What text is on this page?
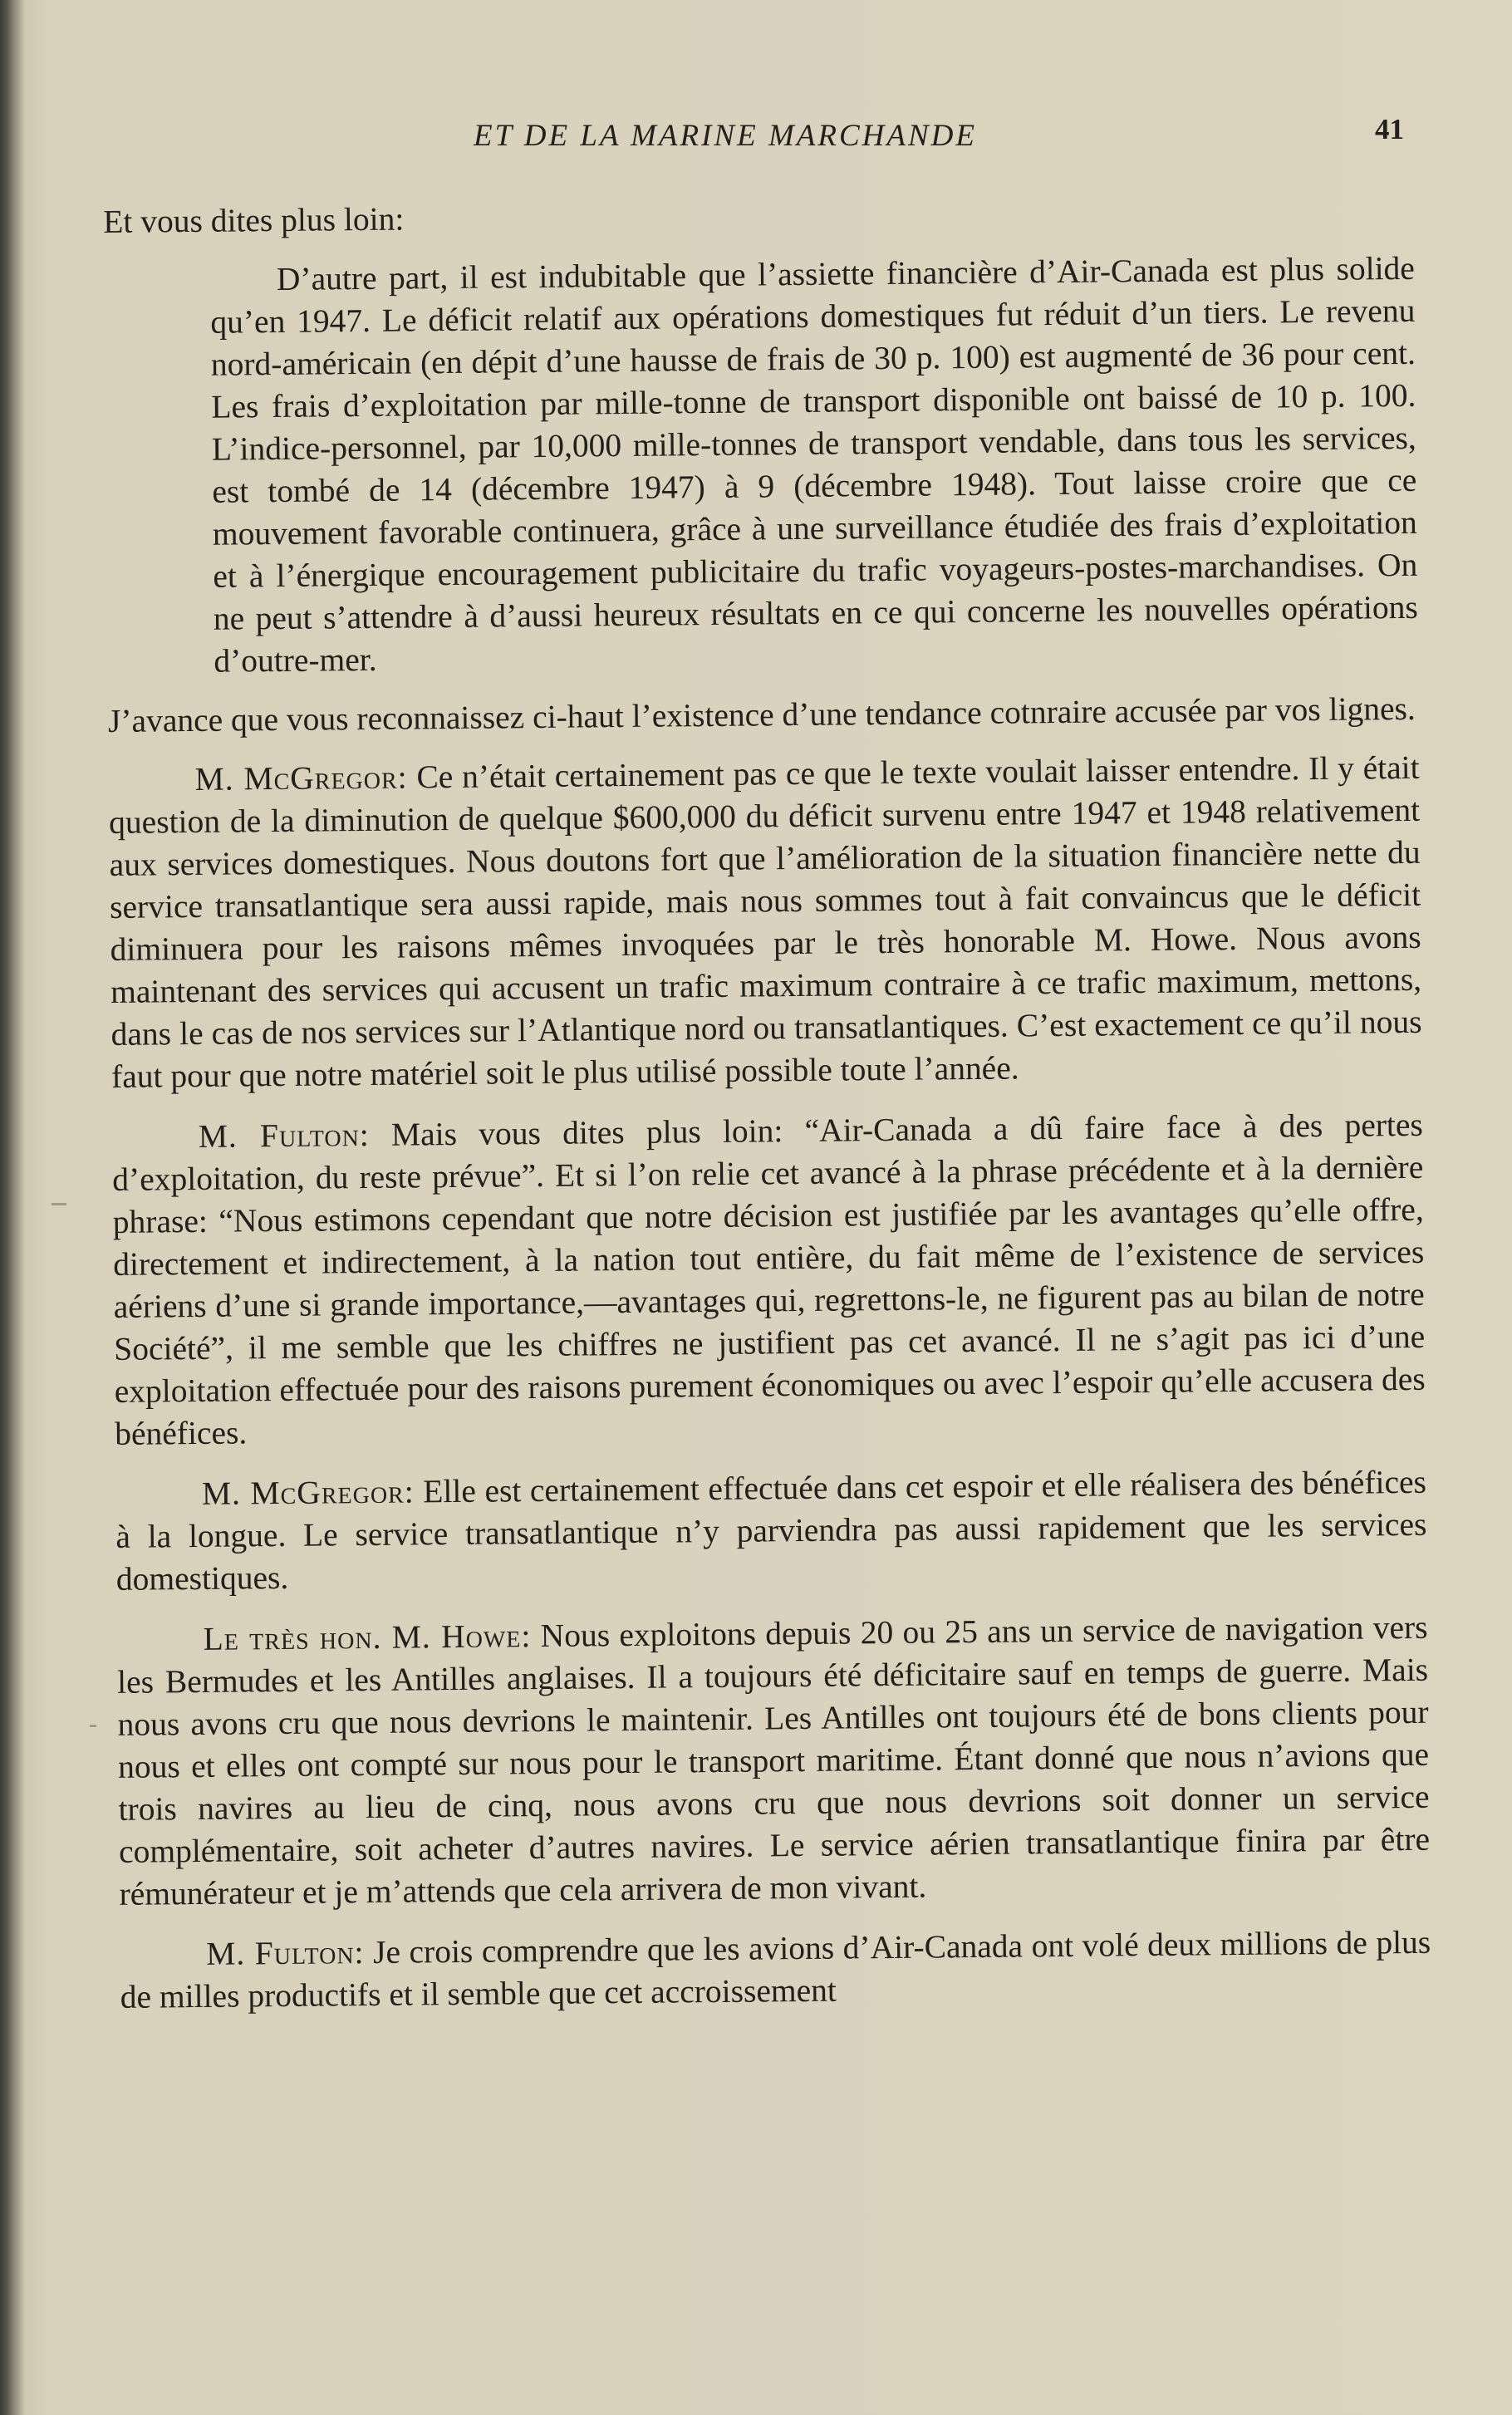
ET DE LA MARINE MARCHANDE	41

Et vous dites plus loin:

D’autre part, il est indubitable que l’assiette financière d’Air-Canada est plus solide qu’en 1947. Le déficit relatif aux opérations domestiques fut réduit d’un tiers. Le revenu nord-américain (en dépit d’une hausse de frais de 30 p. 100) est augmenté de 36 pour cent. Les frais d’exploitation par mille-tonne de transport disponible ont baissé de 10 p. 100. L’indice-personnel, par 10,000 mille-tonnes de transport vendable, dans tous les services, est tombé de 14 (décembre 1947) à 9 (décembre 1948). Tout laisse croire que ce mouvement favorable continuera, grâce à une surveillance étudiée des frais d’exploitation et à l’énergique encouragement publicitaire du trafic voyageurs-postes-marchandises. On ne peut s’attendre à d’aussi heureux résultats en ce qui concerne les nouvelles opérations d’outre-mer.

J’avance que vous reconnaissez ci-haut l’existence d’une tendance cotnraire accusée par vos lignes.

M. McGregor: Ce n’était certainement pas ce que le texte voulait laisser entendre. Il y était question de la diminution de quelque $600,000 du déficit survenu entre 1947 et 1948 relativement aux services domestiques. Nous doutons fort que l’amélioration de la situation financière nette du service transatlantique sera aussi rapide, mais nous sommes tout à fait convaincus que le déficit diminuera pour les raisons mêmes invoquées par le très honorable M. Howe. Nous avons maintenant des services qui accusent un trafic maximum contraire à ce trafic maximum, mettons, dans le cas de nos services sur l’Atlantique nord ou transatlantiques. C’est exactement ce qu’il nous faut pour que notre matériel soit le plus utilisé possible toute l’année.

M. Fulton: Mais vous dites plus loin: “Air-Canada a dû faire face à des pertes d’exploitation, du reste prévue”. Et si l’on relie cet avancé à la phrase précédente et à la dernière phrase: “Nous estimons cependant que notre décision est justifiée par les avantages qu’elle offre, directement et indirectement, à la nation tout entière, du fait même de l’existence de services aériens d’une si grande importance,—avantages qui, regrettons-le, ne figurent pas au bilan de notre Société”, il me semble que les chiffres ne justifient pas cet avancé. Il ne s’agit pas ici d’une exploitation effectuée pour des raisons purement économiques ou avec l’espoir qu’elle accusera des bénéfices.

M. McGregor: Elle est certainement effectuée dans cet espoir et elle réalisera des bénéfices à la longue. Le service transatlantique n’y parviendra pas aussi rapidement que les services domestiques.

Le très hon. M. Howe: Nous exploitons depuis 20 ou 25 ans un service de navigation vers les Bermudes et les Antilles anglaises. Il a toujours été déficitaire sauf en temps de guerre. Mais nous avons cru que nous devrions le maintenir. Les Antilles ont toujours été de bons clients pour nous et elles ont compté sur nous pour le transport maritime. Étant donné que nous n’avions que trois navires au lieu de cinq, nous avons cru que nous devrions soit donner un service complémentaire, soit acheter d’autres navires. Le service aérien transatlantique finira par être rémunérateur et je m’attends que cela arrivera de mon vivant.

M. Fulton: Je crois comprendre que les avions d’Air-Canada ont volé deux millions de plus de milles productifs et il semble que cet accroissement
